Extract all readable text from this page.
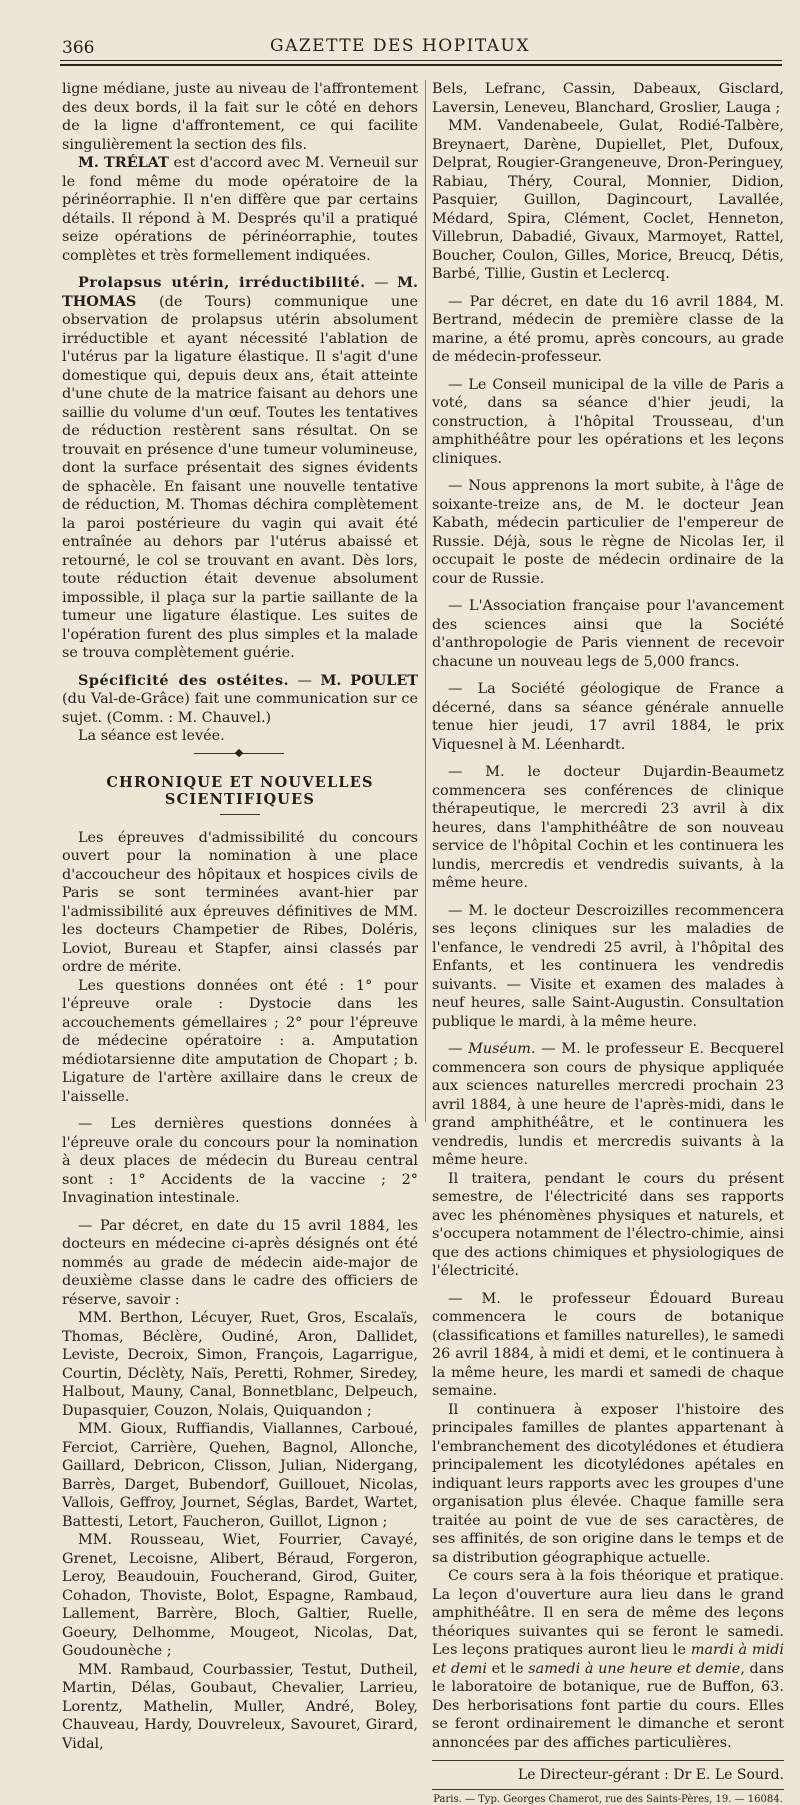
366	GAZETTE DES HOPITAUX

ligne médiane, juste au niveau de l'affrontement des deux bords, il la fait sur le côté en dehors de la ligne d'affrontement, ce qui facilite singulièrement la section des fils.

M. TRÉLAT est d'accord avec M. Verneuil sur le fond même du mode opératoire de la périnéorraphie. Il n'en diffère que par certains détails. Il répond à M. Després qu'il a pratiqué seize opérations de périnéorraphie, toutes complètes et très formellement indiquées.

Prolapsus utérin, irréductibilité. — M. THOMAS (de Tours) communique une observation de prolapsus utérin absolument irréductible et ayant nécessité l'ablation de l'utérus par la ligature élastique. Il s'agit d'une domestique qui, depuis deux ans, était atteinte d'une chute de la matrice faisant au dehors une saillie du volume d'un œuf. Toutes les tentatives de réduction restèrent sans résultat. On se trouvait en présence d'une tumeur volumineuse, dont la surface présentait des signes évidents de sphacèle. En faisant une nouvelle tentative de réduction, M. Thomas déchira complètement la paroi postérieure du vagin qui avait été entraînée au dehors par l'utérus abaissé et retourné, le col se trouvant en avant. Dès lors, toute réduction était devenue absolument impossible, il plaça sur la partie saillante de la tumeur une ligature élastique. Les suites de l'opération furent des plus simples et la malade se trouva complètement guérie.

Spécificité des ostéites. — M. POULET (du Val-de-Grâce) fait une communication sur ce sujet. (Comm. : M. Chauvel.)

La séance est levée.

CHRONIQUE ET NOUVELLES SCIENTIFIQUES

Les épreuves d'admissibilité du concours ouvert pour la nomination à une place d'accoucheur des hôpitaux et hospices civils de Paris se sont terminées avant-hier par l'admissibilité aux épreuves définitives de MM. les docteurs Champetier de Ribes, Doléris, Loviot, Bureau et Stapfer, ainsi classés par ordre de mérite.

Les questions données ont été : 1° pour l'épreuve orale : Dystocie dans les accouchements gémellaires ; 2° pour l'épreuve de médecine opératoire : a. Amputation médiotarsienne dite amputation de Chopart ; b. Ligature de l'artère axillaire dans le creux de l'aisselle.

— Les dernières questions données à l'épreuve orale du concours pour la nomination à deux places de médecin du Bureau central sont : 1° Accidents de la vaccine ; 2° Invagination intestinale.

— Par décret, en date du 15 avril 1884, les docteurs en médecine ci-après désignés ont été nommés au grade de médecin aide-major de deuxième classe dans le cadre des officiers de réserve, savoir :

MM. Berthon, Lécuyer, Ruet, Gros, Escalaïs, Thomas, Béclère, Oudiné, Aron, Dallidet, Leviste, Decroix, Simon, François, Lagarrigue, Courtin, Déclèty, Naïs, Peretti, Rohmer, Siredey, Halbout, Mauny, Canal, Bonnetblanc, Delpeuch, Dupasquier, Couzon, Nolais, Quiquandon ;

MM. Gioux, Ruffiandis, Viallannes, Carboué, Ferciot, Carrière, Quehen, Bagnol, Allonche, Gaillard, Debricon, Clisson, Julian, Nidergang, Barrès, Darget, Bubendorf, Guillouet, Nicolas, Vallois, Geffroy, Journet, Séglas, Bardet, Wartet, Battesti, Letort, Faucheron, Guillot, Lignon ;

MM. Rousseau, Wiet, Fourrier, Cavayé, Grenet, Lecoisne, Alibert, Béraud, Forgeron, Leroy, Beaudouin, Foucherand, Girod, Guiter, Cohadon, Thoviste, Bolot, Espagne, Rambaud, Lallement, Barrère, Bloch, Galtier, Ruelle, Goeury, Delhomme, Mougeot, Nicolas, Dat, Goudounèche ;

MM. Rambaud, Courbassier, Testut, Dutheil, Martin, Délas, Goubaut, Chevalier, Larrieu, Lorentz, Mathelin, Muller, André, Boley, Chauveau, Hardy, Douvreleux, Savouret, Girard, Vidal,

Bels, Lefranc, Cassin, Dabeaux, Gisclard, Laversin, Leneveu, Blanchard, Groslier, Lauga ;

MM. Vandenabeele, Gulat, Rodié-Talbère, Breynaert, Darène, Dupiellet, Plet, Dufoux, Delprat, Rougier-Grangeneuve, Dron-Peringuey, Rabiau, Théry, Coural, Monnier, Didion, Pasquier, Guillon, Dagincourt, Lavallée, Médard, Spira, Clément, Coclet, Henneton, Villebrun, Dabadié, Givaux, Marmoyet, Rattel, Boucher, Coulon, Gilles, Morice, Breucq, Détis, Barbé, Tillie, Gustin et Leclercq.

— Par décret, en date du 16 avril 1884, M. Bertrand, médecin de première classe de la marine, a été promu, après concours, au grade de médecin-professeur.

— Le Conseil municipal de la ville de Paris a voté, dans sa séance d'hier jeudi, la construction, à l'hôpital Trousseau, d'un amphithéâtre pour les opérations et les leçons cliniques.

— Nous apprenons la mort subite, à l'âge de soixante-treize ans, de M. le docteur Jean Kabath, médecin particulier de l'empereur de Russie. Déjà, sous le règne de Nicolas Ier, il occupait le poste de médecin ordinaire de la cour de Russie.

— L'Association française pour l'avancement des sciences ainsi que la Société d'anthropologie de Paris viennent de recevoir chacune un nouveau legs de 5,000 francs.

— La Société géologique de France a décerné, dans sa séance générale annuelle tenue hier jeudi, 17 avril 1884, le prix Viquesnel à M. Léenhardt.

— M. le docteur Dujardin-Beaumetz commencera ses conférences de clinique thérapeutique, le mercredi 23 avril à dix heures, dans l'amphithéâtre de son nouveau service de l'hôpital Cochin et les continuera les lundis, mercredis et vendredis suivants, à la même heure.

— M. le docteur Descroizilles recommencera ses leçons cliniques sur les maladies de l'enfance, le vendredi 25 avril, à l'hôpital des Enfants, et les continuera les vendredis suivants. — Visite et examen des malades à neuf heures, salle Saint-Augustin. Consultation publique le mardi, à la même heure.

— Muséum. — M. le professeur E. Becquerel commencera son cours de physique appliquée aux sciences naturelles mercredi prochain 23 avril 1884, à une heure de l'après-midi, dans le grand amphithéâtre, et le continuera les vendredis, lundis et mercredis suivants à la même heure.

Il traitera, pendant le cours du présent semestre, de l'électricité dans ses rapports avec les phénomènes physiques et naturels, et s'occupera notamment de l'électro-chimie, ainsi que des actions chimiques et physiologiques de l'électricité.

— M. le professeur Édouard Bureau commencera le cours de botanique (classifications et familles naturelles), le samedi 26 avril 1884, à midi et demi, et le continuera à la même heure, les mardi et samedi de chaque semaine.

Il continuera à exposer l'histoire des principales familles de plantes appartenant à l'embranchement des dicotylédones et étudiera principalement les dicotylédones apétales en indiquant leurs rapports avec les groupes d'une organisation plus élevée. Chaque famille sera traitée au point de vue de ses caractères, de ses affinités, de son origine dans le temps et de sa distribution géographique actuelle.

Ce cours sera à la fois théorique et pratique. La leçon d'ouverture aura lieu dans le grand amphithéâtre. Il en sera de même des leçons théoriques suivantes qui se feront le samedi. Les leçons pratiques auront lieu le mardi à midi et demi et le samedi à une heure et demie, dans le laboratoire de botanique, rue de Buffon, 63. Des herborisations font partie du cours. Elles se feront ordinairement le dimanche et seront annoncées par des affiches particulières.

Le Directeur-gérant : Dr E. Le Sourd.

Paris. — Typ. Georges Chamerot, rue des Saints-Pères, 19. — 16084.
